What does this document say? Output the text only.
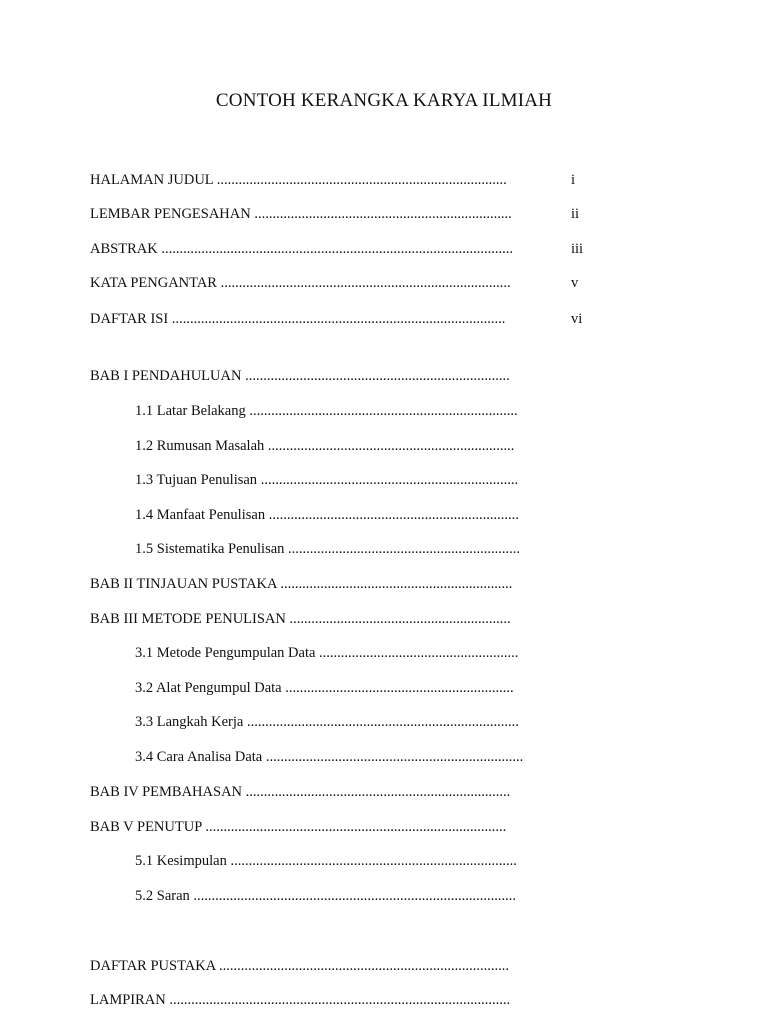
CONTOH KERANGKA KARYA ILMIAH
HALAMAN JUDUL ................................................................................	i
LEMBAR PENGESAHAN .......................................................................	ii
ABSTRAK .................................................................................................	iii
KATA PENGANTAR ................................................................................	v
DAFTAR ISI ............................................................................................	vi
BAB I PENDAHULUAN .........................................................................
1.1 Latar Belakang ..........................................................................
1.2 Rumusan Masalah ....................................................................
1.3 Tujuan Penulisan .......................................................................
1.4 Manfaat Penulisan .....................................................................
1.5 Sistematika Penulisan ................................................................
BAB II TINJAUAN PUSTAKA ................................................................
BAB III METODE PENULISAN .............................................................
3.1 Metode Pengumpulan Data .......................................................
3.2 Alat Pengumpul Data ...............................................................
3.3 Langkah Kerja ...........................................................................
3.4 Cara Analisa Data .......................................................................
BAB IV PEMBAHASAN .........................................................................
BAB V PENUTUP ...................................................................................
5.1 Kesimpulan ...............................................................................
5.2 Saran .........................................................................................
DAFTAR PUSTAKA ................................................................................
LAMPIRAN ..............................................................................................
